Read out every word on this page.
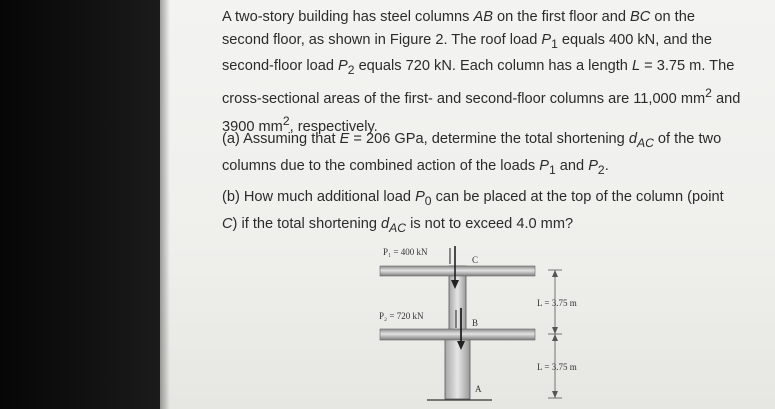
A two-story building has steel columns AB on the first floor and BC on the second floor, as shown in Figure 2. The roof load $P_1$ equals 400 kN, and the second-floor load $P_2$ equals 720 kN. Each column has a length L = 3.75 m. The cross-sectional areas of the first- and second-floor columns are 11,000 $mm^2$ and 3900 $mm^2$, respectively.

(a) Assuming that E = 206 GPa, determine the total shortening $d_{AC}$ of the two columns due to the combined action of the loads $P_1$ and $P_2$.

(b) How much additional load $P_0$ can be placed at the top of the column (point C) if the total shortening $d_{AC}$ is not to exceed 4.0 mm?

P₁ = 400 kN
P₂ = 720 kN
C
B
A
L = 3.75 m
L = 3.75 m
